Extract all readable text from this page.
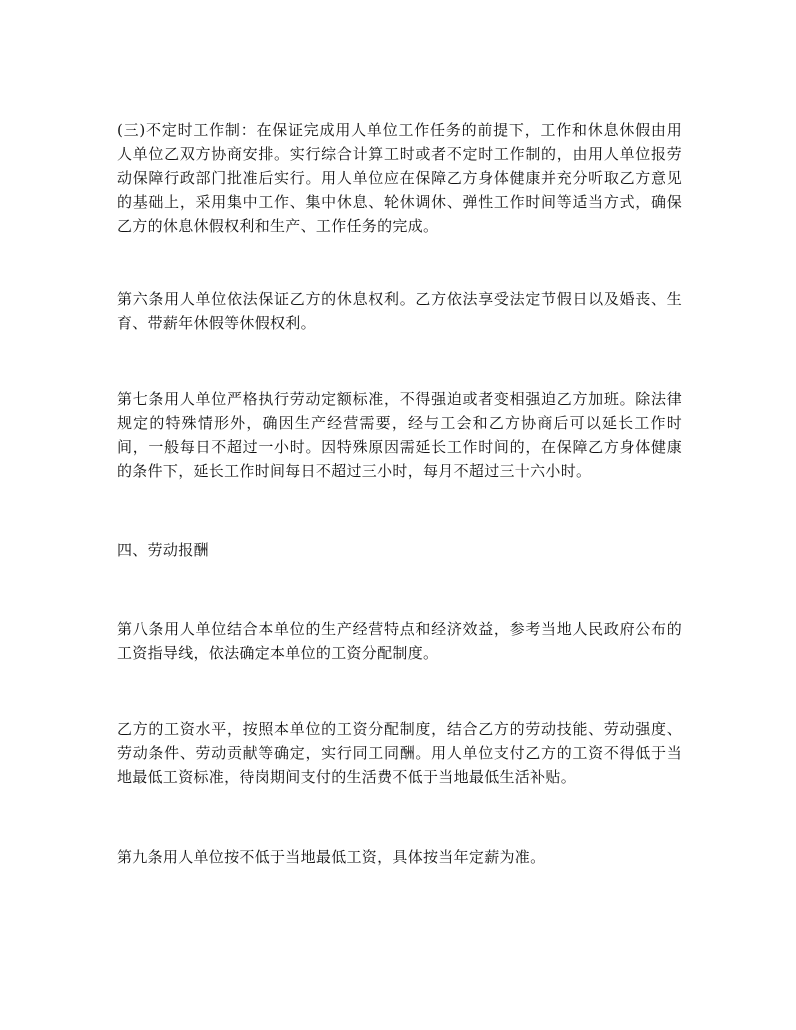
(三)不定时工作制：在保证完成用人单位工作任务的前提下，工作和休息休假由用
人单位乙双方协商安排。实行综合计算工时或者不定时工作制的，由用人单位报劳
动保障行政部门批准后实行。用人单位应在保障乙方身体健康并充分听取乙方意见
的基础上，采用集中工作、集中休息、轮休调休、弹性工作时间等适当方式，确保
乙方的休息休假权利和生产、工作任务的完成。

第六条用人单位依法保证乙方的休息权利。乙方依法享受法定节假日以及婚丧、生
育、带薪年休假等休假权利。

第七条用人单位严格执行劳动定额标准，不得强迫或者变相强迫乙方加班。除法律
规定的特殊情形外，确因生产经营需要，经与工会和乙方协商后可以延长工作时
间，一般每日不超过一小时。因特殊原因需延长工作时间的，在保障乙方身体健康
的条件下，延长工作时间每日不超过三小时，每月不超过三十六小时。

四、劳动报酬

第八条用人单位结合本单位的生产经营特点和经济效益，参考当地人民政府公布的
工资指导线，依法确定本单位的工资分配制度。

乙方的工资水平，按照本单位的工资分配制度，结合乙方的劳动技能、劳动强度、
劳动条件、劳动贡献等确定，实行同工同酬。用人单位支付乙方的工资不得低于当
地最低工资标准，待岗期间支付的生活费不低于当地最低生活补贴。

第九条用人单位按不低于当地最低工资，具体按当年定薪为准。
